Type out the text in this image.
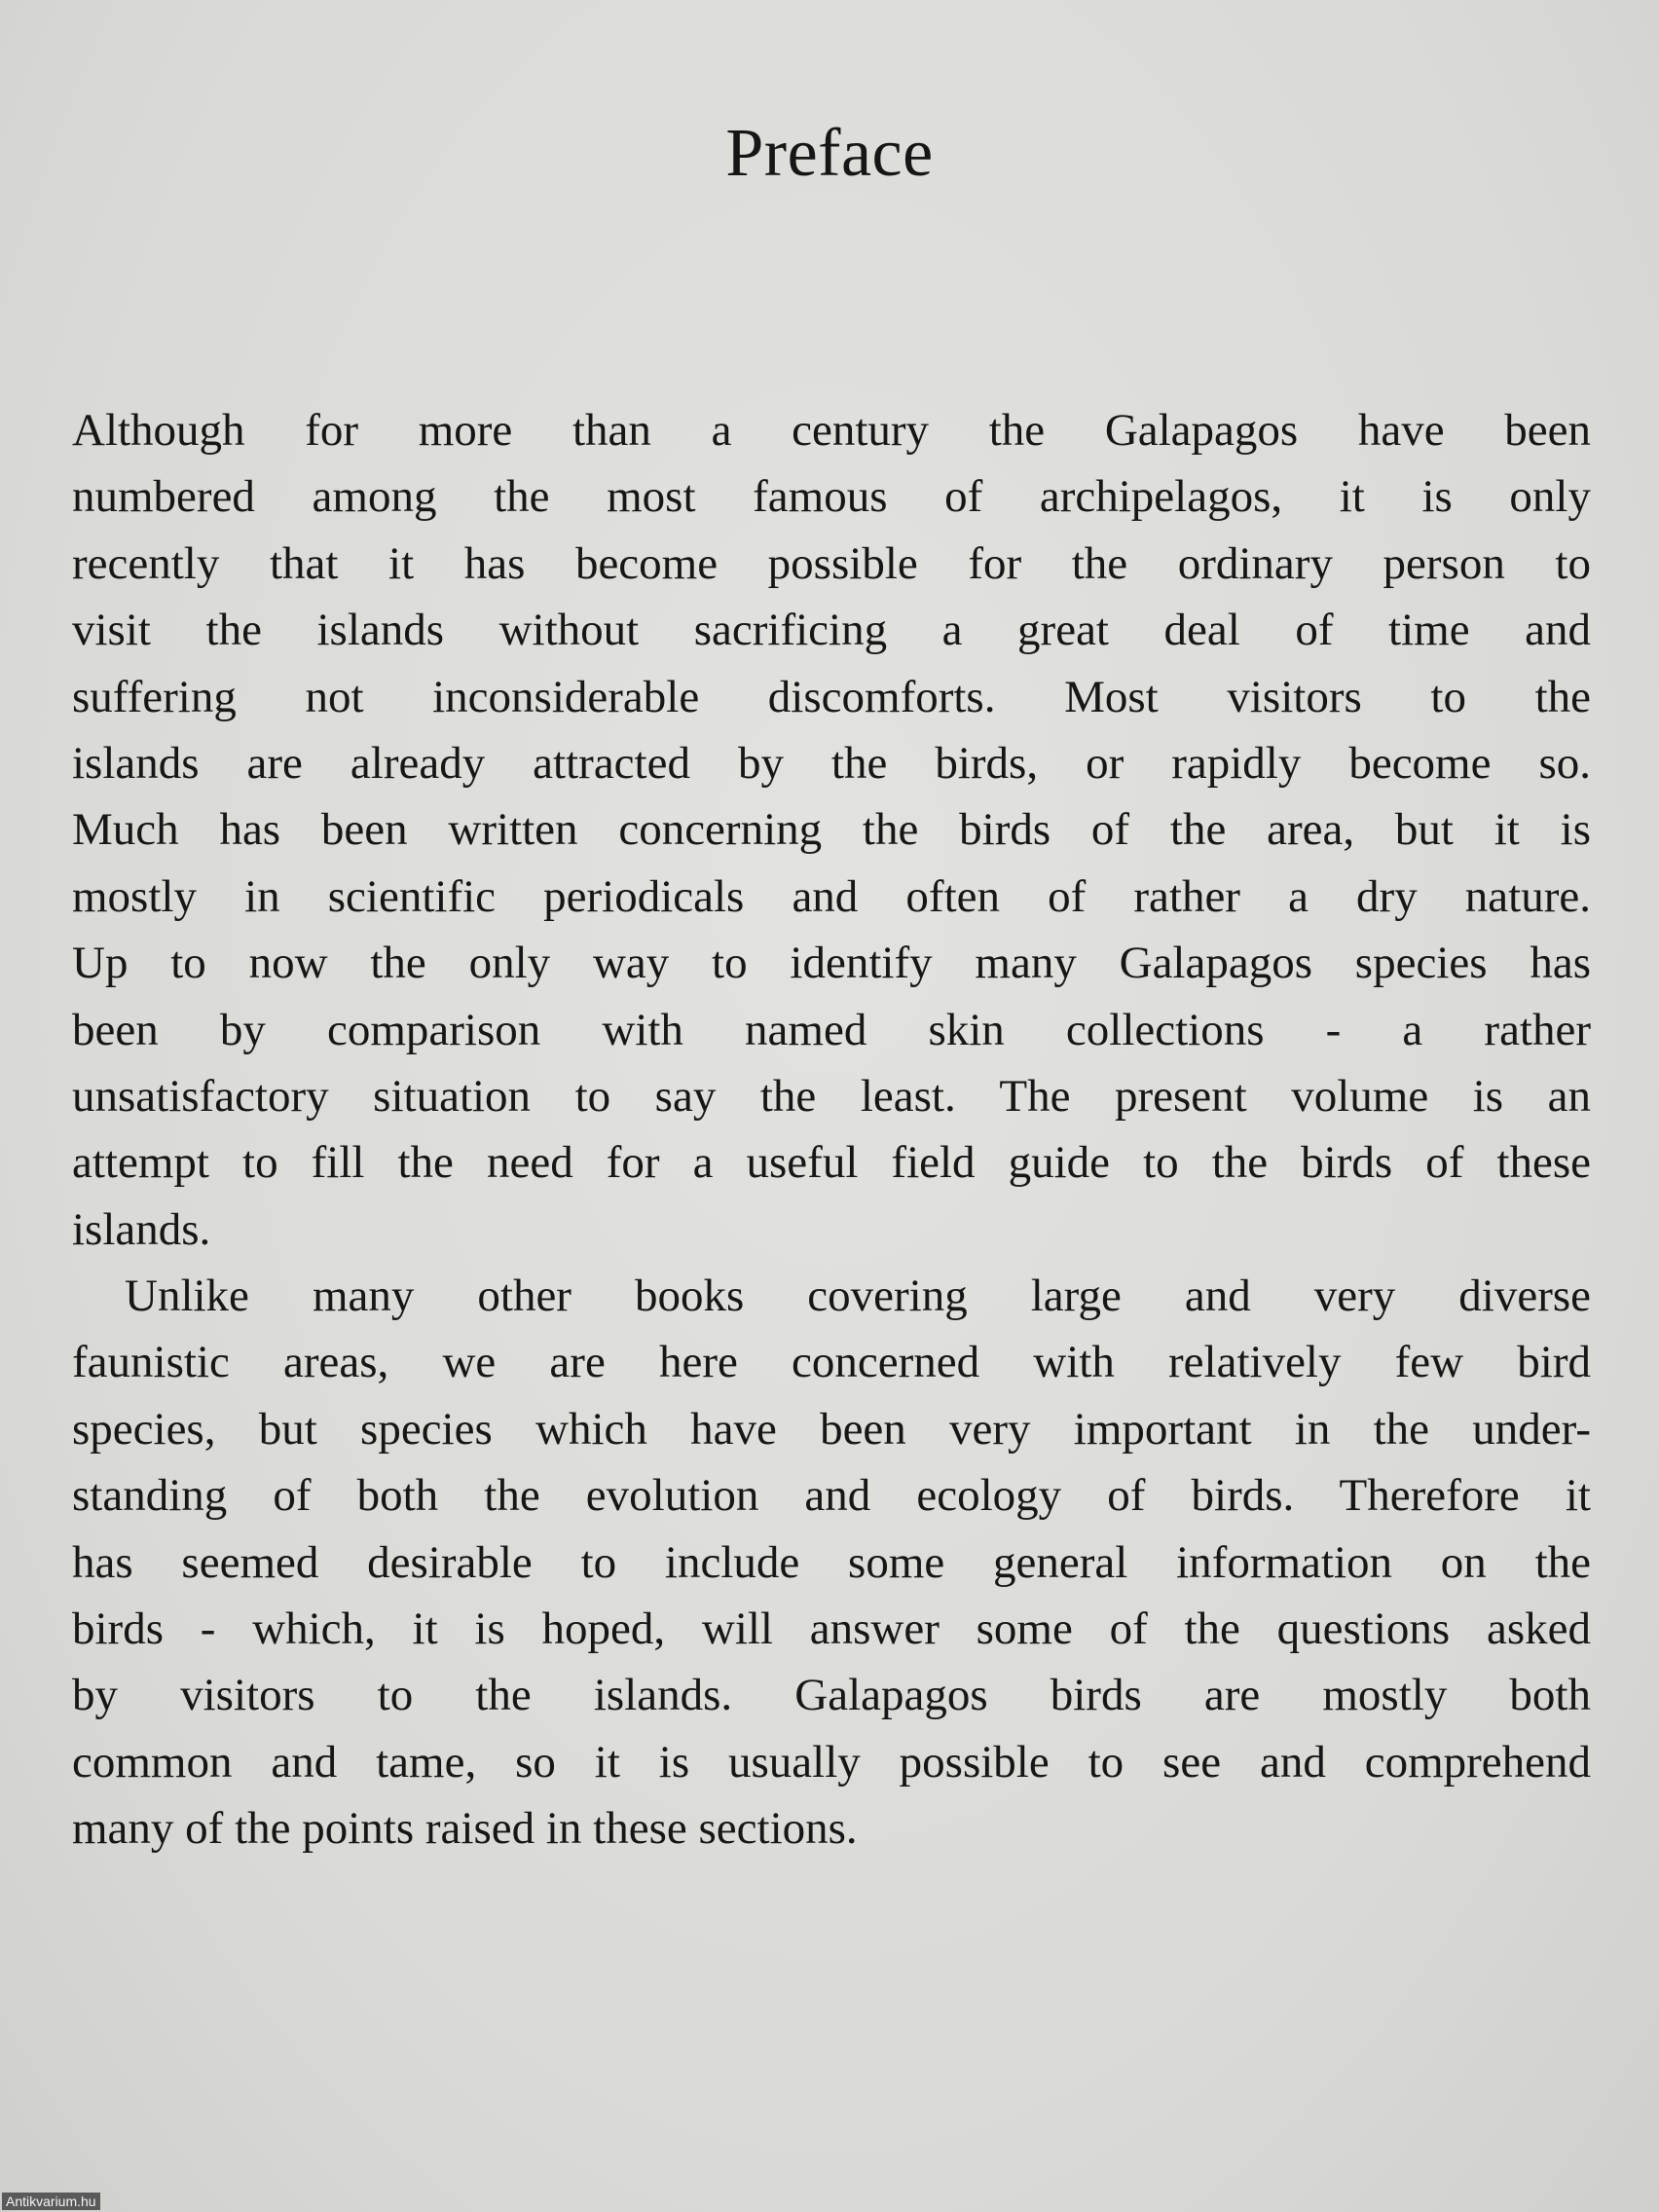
Preface
Although for more than a century the Galapagos have been
numbered among the most famous of archipelagos, it is only
recently that it has become possible for the ordinary person to
visit the islands without sacrificing a great deal of time and
suffering not inconsiderable discomforts. Most visitors to the
islands are already attracted by the birds, or rapidly become so.
Much has been written concerning the birds of the area, but it is
mostly in scientific periodicals and often of rather a dry nature.
Up to now the only way to identify many Galapagos species has
been by comparison with named skin collections - a rather
unsatisfactory situation to say the least. The present volume is an
attempt to fill the need for a useful field guide to the birds of these
islands.
Unlike many other books covering large and very diverse
faunistic areas, we are here concerned with relatively few bird
species, but species which have been very important in the under-
standing of both the evolution and ecology of birds. Therefore it
has seemed desirable to include some general information on the
birds - which, it is hoped, will answer some of the questions asked
by visitors to the islands. Galapagos birds are mostly both
common and tame, so it is usually possible to see and comprehend
many of the points raised in these sections.
Antikvarium.hu
